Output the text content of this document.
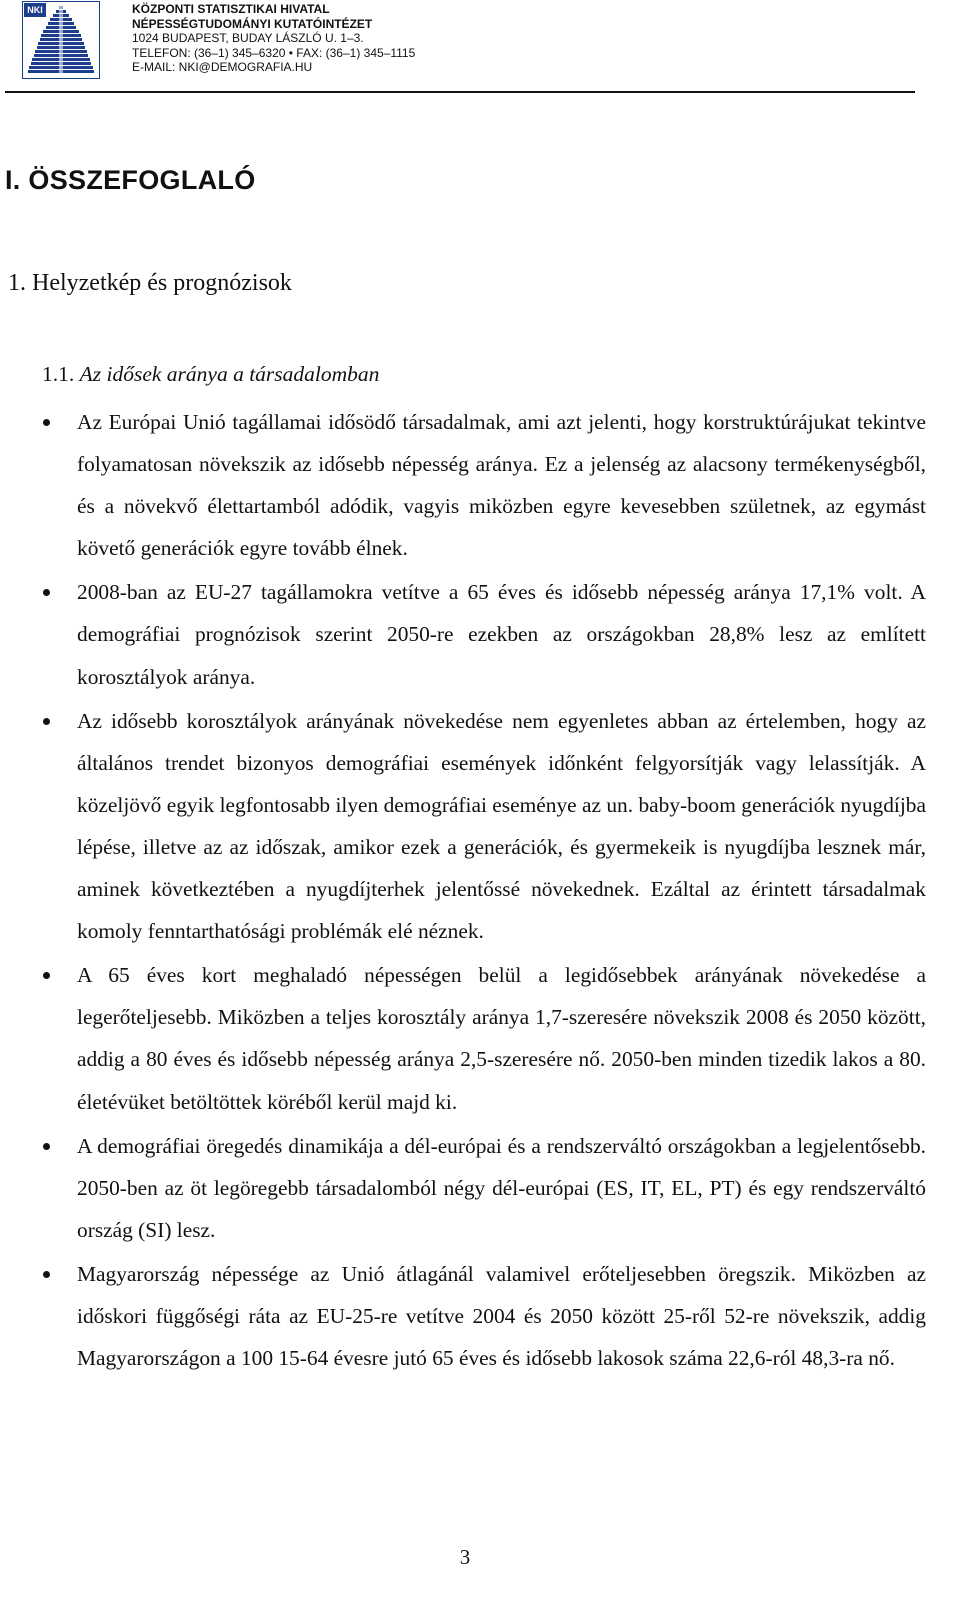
NKI	KÖZPONTI STATISZTIKAI HIVATAL
NÉPESSÉGTUDOMÁNYI KUTATÓINTÉZET
1024 BUDAPEST, BUDAY LÁSZLÓ U. 1–3.
TELEFON: (36–1) 345–6320 • FAX: (36–1) 345–1115
E-MAIL: NKI@DEMOGRAFIA.HU
I. ÖSSZEFOGLALÓ
1. Helyzetkép és prognózisok
1.1. Az idősek aránya a társadalomban
Az Európai Unió tagállamai idősödő társadalmak, ami azt jelenti, hogy korstruktúrájukat tekintve folyamatosan növekszik az idősebb népesség aránya. Ez a jelenség az alacsony termékenységből, és a növekvő élettartamból adódik, vagyis miközben egyre kevesebben születnek, az egymást követő generációk egyre tovább élnek.
2008-ban az EU-27 tagállamokra vetítve a 65 éves és idősebb népesség aránya 17,1% volt. A demográfiai prognózisok szerint 2050-re ezekben az országokban 28,8% lesz az említett korosztályok aránya.
Az idősebb korosztályok arányának növekedése nem egyenletes abban az értelemben, hogy az általános trendet bizonyos demográfiai események időnként felgyorsítják vagy lelassítják. A közeljövő egyik legfontosabb ilyen demográfiai eseménye az un. baby-boom generációk nyugdíjba lépése, illetve az az időszak, amikor ezek a generációk, és gyermekeik is nyugdíjba lesznek már, aminek következtében a nyugdíjterhek jelentőssé növekednek. Ezáltal az érintett társadalmak komoly fenntarthatósági problémák elé néznek.
A 65 éves kort meghaladó népességen belül a legidősebbek arányának növekedése a legerőteljesebb. Miközben a teljes korosztály aránya 1,7-szeresére növekszik 2008 és 2050 között, addig a 80 éves és idősebb népesség aránya 2,5-szeresére nő. 2050-ben minden tizedik lakos a 80. életévüket betöltöttek köréből kerül majd ki.
A demográfiai öregedés dinamikája a dél-európai és a rendszerváltó országokban a legjelentősebb. 2050-ben az öt legöregebb társadalomból négy dél-európai (ES, IT, EL, PT) és egy rendszerváltó ország (SI) lesz.
Magyarország népessége az Unió átlagánál valamivel erőteljesebben öregszik. Miközben az időskori függőségi ráta az EU-25-re vetítve 2004 és 2050 között 25-ről 52-re növekszik, addig Magyarországon a 100 15-64 évesre jutó 65 éves és idősebb lakosok száma 22,6-ról 48,3-ra nő.
3
